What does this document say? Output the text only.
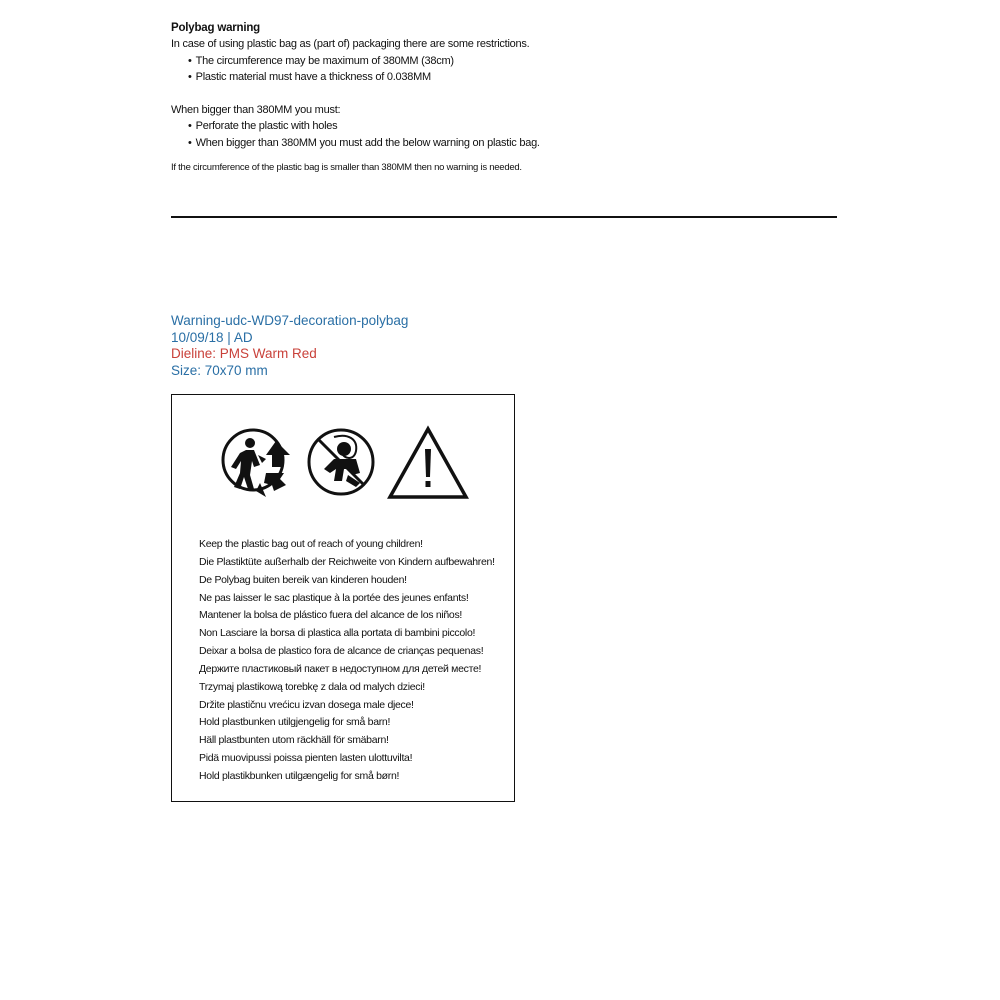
Polybag warning

In case of using plastic bag as (part of) packaging there are some restrictions.

• The circumference may be maximum of 380MM (38cm)
• Plastic material must have a thickness of 0.038MM

When bigger than 380MM you must:

• Perforate the plastic with holes
• When bigger than 380MM you must add the below warning on plastic bag.

If the circumference of the plastic bag is smaller than 380MM then no warning is needed.

Warning-udc-WD97-decoration-polybag
10/09/18 | AD
Dieline: PMS Warm Red
Size: 70x70 mm
Keep the plastic bag out of reach of young children!
Die Plastiktüte außerhalb der Reichweite von Kindern aufbewahren!
De Polybag buiten bereik van kinderen houden!
Ne pas laisser le sac plastique à la portée des jeunes enfants!
Mantener la bolsa de plástico fuera del alcance de los niños!
Non Lasciare la borsa di plastica alla portata di bambini piccolo!
Deixar a bolsa de plastico fora de alcance de crianças pequenas!
Держите пластиковый пакет в недоступном для детей месте!
Trzymaj plastikową torebkę z dala od malych dzieci!
Držite plastičnu vrećicu izvan dosega male djece!
Hold plastbunken utilgjengelig for små barn!
Häll plastbunten utom räckhäll för smäbarn!
Pidä muovipussi poissa pienten lasten ulottuvilta!
Hold plastikbunken utilgængelig for små børn!
